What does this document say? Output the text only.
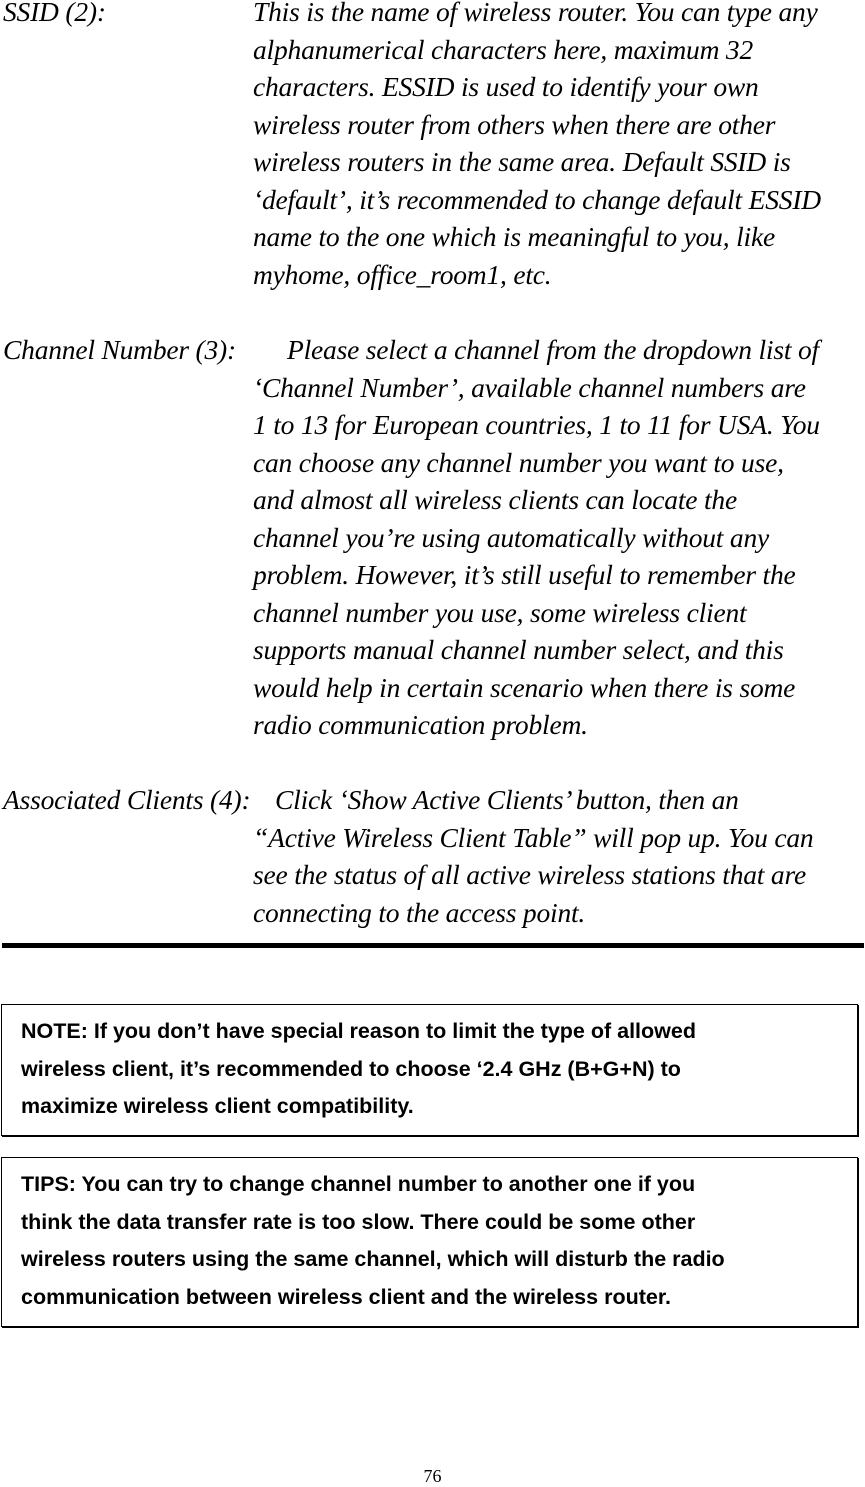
SSID (2):	This is the name of wireless router. You can type any
alphanumerical characters here, maximum 32
characters. ESSID is used to identify your own
wireless router from others when there are other
wireless routers in the same area. Default SSID is
‘default’, it’s recommended to change default ESSID
name to the one which is meaningful to you, like
myhome, office_room1, etc.
Channel Number (3): Please select a channel from the dropdown list of
‘Channel Number’, available channel numbers are
1 to 13 for European countries, 1 to 11 for USA. You
can choose any channel number you want to use,
and almost all wireless clients can locate the
channel you’re using automatically without any
problem. However, it’s still useful to remember the
channel number you use, some wireless client
supports manual channel number select, and this
would help in certain scenario when there is some
radio communication problem.
Associated Clients (4): Click ‘Show Active Clients’ button, then an
“Active Wireless Client Table” will pop up. You can
see the status of all active wireless stations that are
connecting to the access point.
NOTE: If you don’t have special reason to limit the type of allowed
wireless client, it’s recommended to choose ‘2.4 GHz (B+G+N) to
maximize wireless client compatibility.
TIPS: You can try to change channel number to another one if you
think the data transfer rate is too slow. There could be some other
wireless routers using the same channel, which will disturb the radio
communication between wireless client and the wireless router.
76
